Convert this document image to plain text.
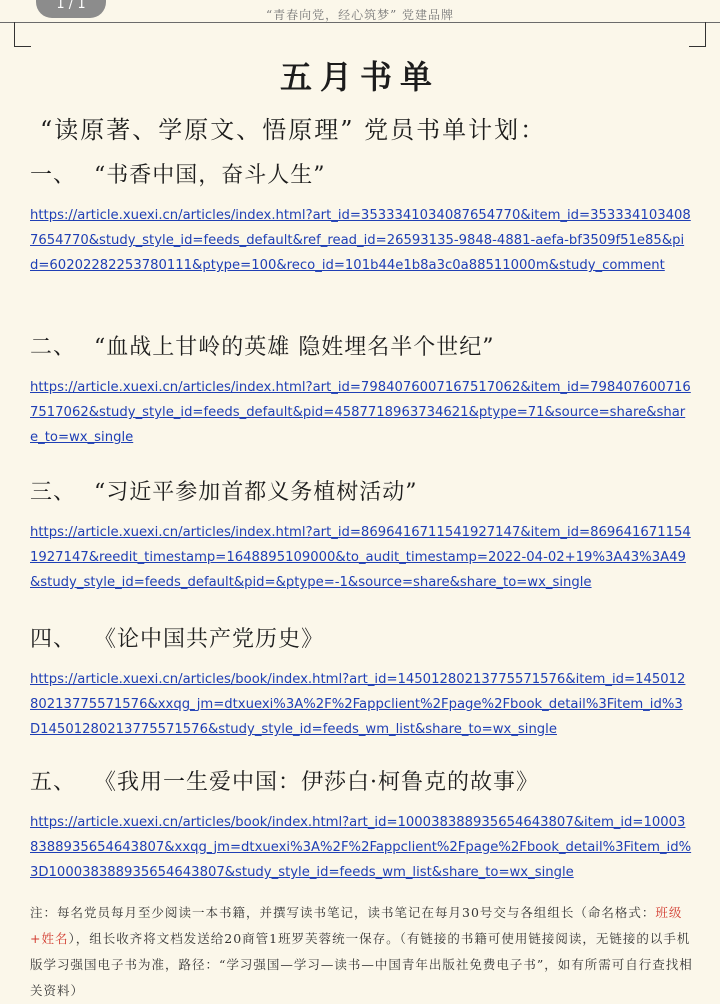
1 / 1
“青春向党，经心筑梦” 党建品牌
五月书单
“读原著、学原文、悟原理” 党员书单计划：
一、 “书香中国，奋斗人生”
https://article.xuexi.cn/articles/index.html?art_id=3533341034087654770&item_id=3533341034087654770&study_style_id=feeds_default&ref_read_id=26593135-9848-4881-aefa-bf3509f51e85&pid=6020228225378011​1&ptype=100&reco_id=101b44e1b8a3c0a88511000m&study_comment
二、 “血战上甘岭的英雄 隐姓埋名半个世纪”
https://article.xuexi.cn/articles/index.html?art_id=7984076007167517062&item_id=7984076007167517062&study_style_id=feeds_default&pid=458771896373462​1&ptype=71&source=share&share_to=wx_single
三、 “习近平参加首都义务植树活动”
https://article.xuexi.cn/articles/index.html?art_id=8696416711541927147&item_id=8696416711541927147&reedit_timestamp=1648895109000&to_audit_timestamp=2022-04-02+19%3A43%3A49&study_style_id=feeds_default&pid=&ptype=-1&source=share&share_to=wx_single
四、 《论中国共产党历史》
https://article.xuexi.cn/articles/book/index.html?art_id=14501280213775571576&item_id=14501280213775571576&xxqg_jm=dtxuexi%3A%2F%2Fappclient%2Fpage%2Fbook_detail%3Fitem_id%3D14501280213775571576&study_style_id=feeds_wm_list&share_to=wx_single
五、 《我用一生爱中国：伊莎白·柯鲁克的故事》
https://article.xuexi.cn/articles/book/index.html?art_id=10003838893565464380​7&item_id=100038388935654643807&xxqg_jm=dtxuexi%3A%2F%2Fappclient%2Fpage%2Fbook_detail%3Fitem_id%3D100038388935654643807&study_style_id=feeds_wm_list&share_to=wx_single
注：每名党员每月至少阅读一本书籍，并撰写读书笔记，读书笔记在每月30号交与各组组长（命名格式：班级+姓名），组长收齐将文档发送给20商管1班罗芙蓉统一保存。（有链接的书籍可使用链接阅读，无链接的以手机版学习强国电子书为准，路径：“学习强国—学习—读书—中国青年出版社免费电子书”，如有所需可自行查找相关资料）
